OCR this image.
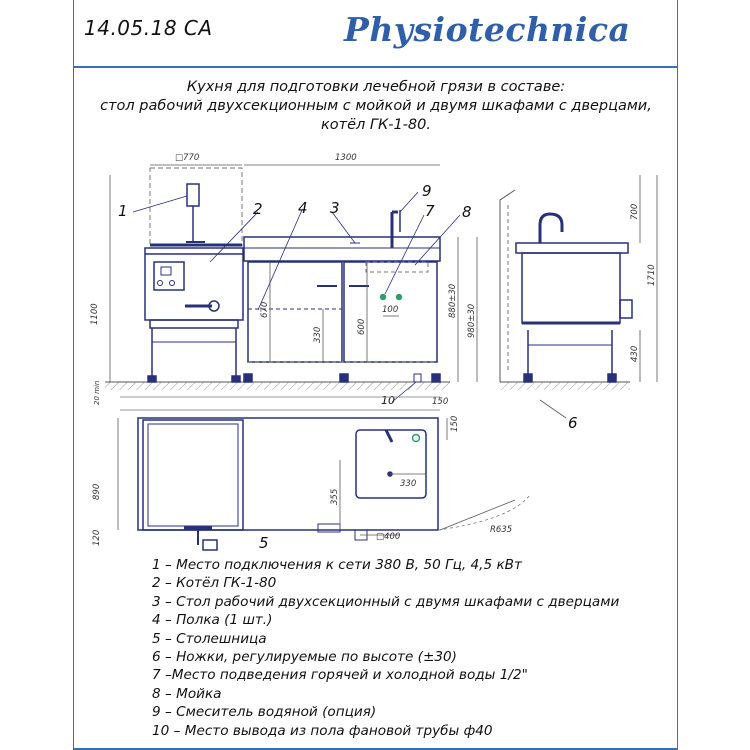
14.05.18 СА	Physiotechnica
Кухня для подготовки лечебной грязи в составе:
стол рабочий двухсекционным с мойкой и двумя шкафами с дверцами,
котёл ГК-1-80.
□770	1300
1100	670
330	600
100	880±30
980±30
1	2 4 3
9
7 8
10
5
6
700
1710
430
150
150
330
355
890
120	□400
R635
20 min
1 – Место подключения к сети 380 В, 50 Гц, 4,5 кВт
2 – Котёл ГК-1-80
3 – Стол рабочий двухсекционный с двумя шкафами с дверцами
4 – Полка (1 шт.)
5 – Столешница
6 – Ножки, регулируемые по высоте (±30)
7 –Место подведения горячей и холодной воды 1/2"
8 – Мойка
9 – Смеситель водяной (опция)
10 – Место вывода из пола фановой трубы ф40
